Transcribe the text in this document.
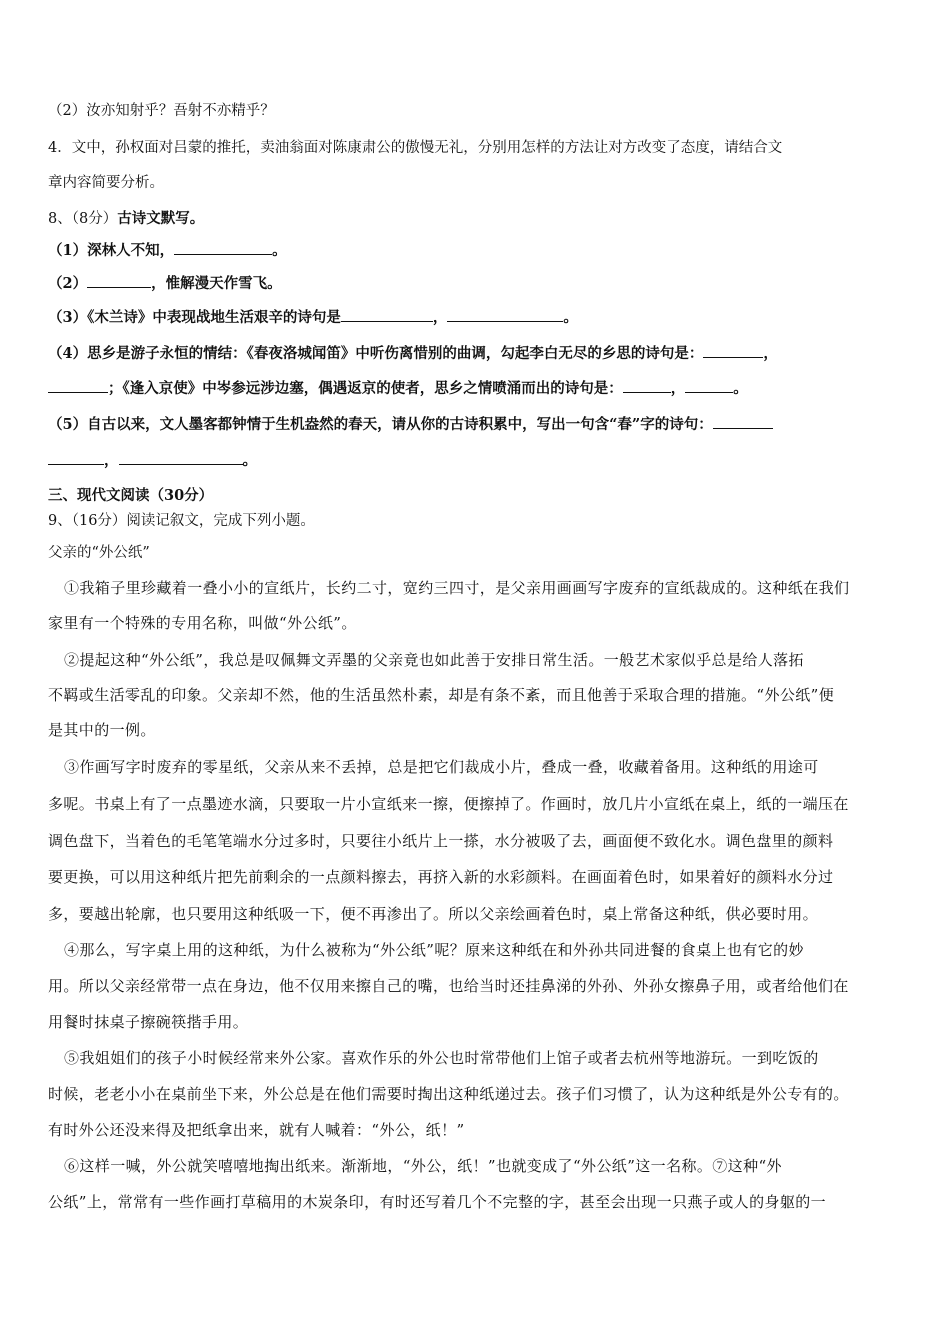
（2）汝亦知射乎？吾射不亦精乎？
4．文中，孙权面对吕蒙的推托，卖油翁面对陈康肃公的傲慢无礼，分别用怎样的方法让对方改变了态度，请结合文
章内容简要分析。
8、（8分）古诗文默写。
（1）深林人不知，	。
（2）	，惟解漫天作雪飞。
（3）《木兰诗》中表现战地生活艰辛的诗句是	，	。
（4）思乡是游子永恒的情结：《春夜洛城闻笛》中听伤离惜别的曲调，勾起李白无尽的乡思的诗句是：	，
；《逢入京使》中岑参远涉边塞，偶遇返京的使者，思乡之情喷涌而出的诗句是：	，	。
（5）自古以来，文人墨客都钟情于生机盎然的春天，请从你的古诗积累中，写出一句含“春”字的诗句：
，	。
三、现代文阅读（30分）
9、（16分）阅读记叙文，完成下列小题。
父亲的“外公纸”
①我箱子里珍藏着一叠小小的宣纸片，长约二寸，宽约三四寸，是父亲用画画写字废弃的宣纸裁成的。这种纸在我们
家里有一个特殊的专用名称，叫做“外公纸”。
②提起这种“外公纸”，我总是叹佩舞文弄墨的父亲竟也如此善于安排日常生活。一般艺术家似乎总是给人落拓
不羁或生活零乱的印象。父亲却不然，他的生活虽然朴素，却是有条不紊，而且他善于采取合理的措施。“外公纸”便
是其中的一例。
③作画写字时废弃的零星纸，父亲从来不丢掉，总是把它们裁成小片，叠成一叠，收藏着备用。这种纸的用途可
多呢。书桌上有了一点墨迹水滴，只要取一片小宣纸来一擦，便擦掉了。作画时，放几片小宣纸在桌上，纸的一端压在
调色盘下，当着色的毛笔笔端水分过多时，只要往小纸片上一搽，水分被吸了去，画面便不致化水。调色盘里的颜料
要更换，可以用这种纸片把先前剩余的一点颜料擦去，再挤入新的水彩颜料。在画面着色时，如果着好的颜料水分过
多，要越出轮廓，也只要用这种纸吸一下，便不再渗出了。所以父亲绘画着色时，桌上常备这种纸，供必要时用。
④那么，写字桌上用的这种纸，为什么被称为“外公纸”呢？原来这种纸在和外孙共同进餐的食桌上也有它的妙
用。所以父亲经常带一点在身边，他不仅用来擦自己的嘴，也给当时还挂鼻涕的外孙、外孙女擦鼻子用，或者给他们在
用餐时抹桌子擦碗筷揩手用。
⑤我姐姐们的孩子小时候经常来外公家。喜欢作乐的外公也时常带他们上馆子或者去杭州等地游玩。一到吃饭的
时候，老老小小在桌前坐下来，外公总是在他们需要时掏出这种纸递过去。孩子们习惯了，认为这种纸是外公专有的。
有时外公还没来得及把纸拿出来，就有人喊着：“外公，纸！”
⑥这样一喊，外公就笑嘻嘻地掏出纸来。渐渐地，“外公，纸！”也就变成了“外公纸”这一名称。⑦这种“外
公纸”上，常常有一些作画打草稿用的木炭条印，有时还写着几个不完整的字，甚至会出现一只燕子或人的身躯的一
